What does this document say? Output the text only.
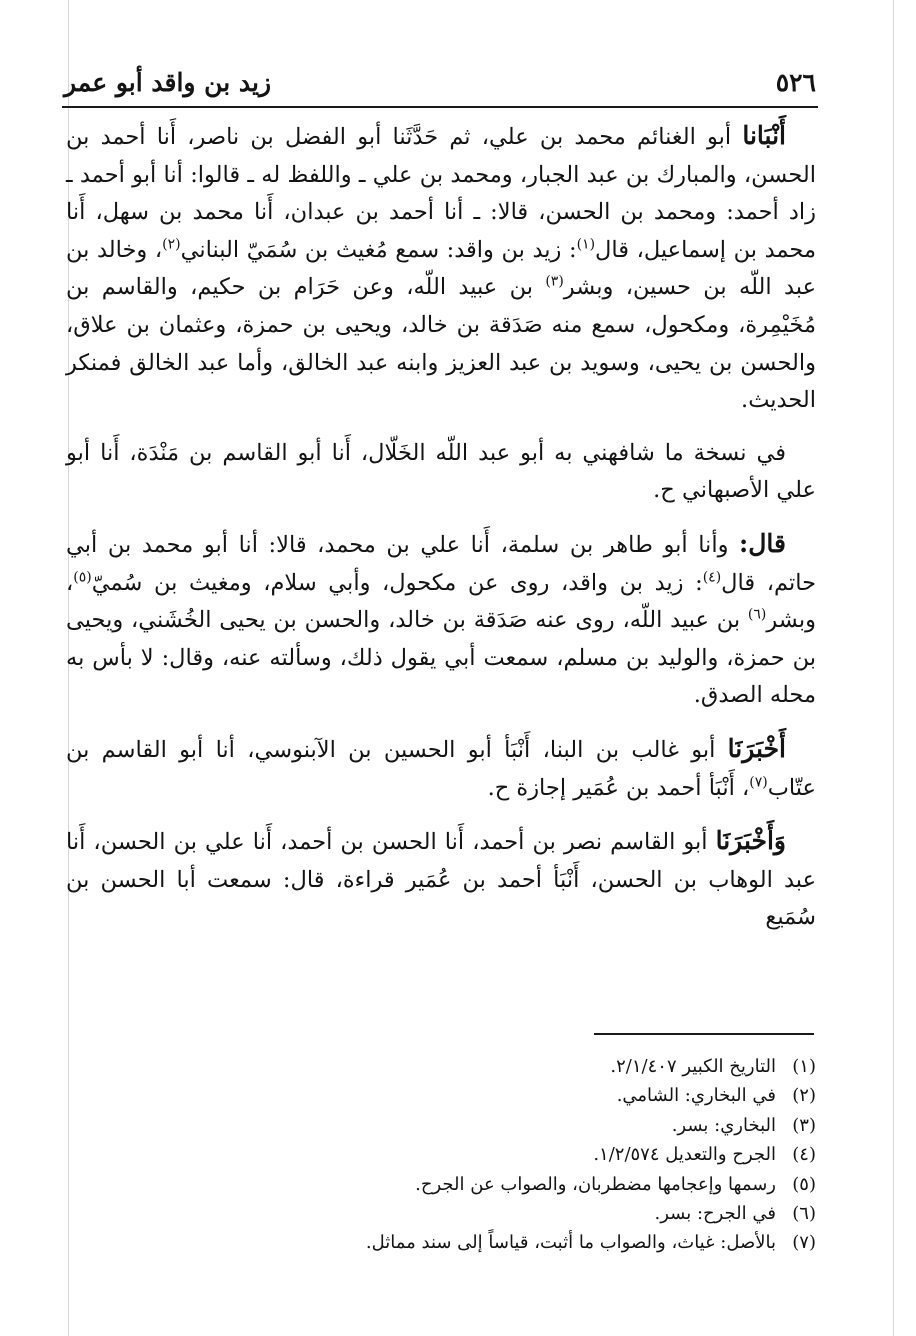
٥٢٦
زيد بن واقد أبو عمر

أَنْبَانا أبو الغنائم محمد بن علي، ثم حَدَّثَنا أبو الفضل بن ناصر، أَنا أحمد بن الحسن، والمبارك بن عبد الجبار، ومحمد بن علي ـ واللفظ له ـ قالوا: أنا أبو أحمد ـ زاد أحمد: ومحمد بن الحسن، قالا: ـ أنا أحمد بن عبدان، أَنا محمد بن سهل، أَنا محمد بن إسماعيل، قال$^{(١)}$: زيد بن واقد: سمع مُغيث بن سُمَيّ البناني$^{(٢)}$، وخالد بن عبد اللّه بن حسين، وبشر$^{(٣)}$ بن عبيد اللّه، وعن حَرَام بن حكيم، والقاسم بن مُخَيْمِرة، ومكحول، سمع منه صَدَقة بن خالد، ويحيى بن حمزة، وعثمان بن علاق، والحسن بن يحيى، وسويد بن عبد العزيز وابنه عبد الخالق، وأما عبد الخالق فمنكر الحديث.

في نسخة ما شافهني به أبو عبد اللّه الخَلّال، أَنا أبو القاسم بن مَنْدَة، أَنا أبو علي الأصبهاني ح.

قال: وأنا أبو طاهر بن سلمة، أَنا علي بن محمد، قالا: أنا أبو محمد بن أبي حاتم، قال$^{(٤)}$: زيد بن واقد، روى عن مكحول، وأبي سلام، ومغيث بن سُميّ$^{(٥)}$، وبشر$^{(٦)}$ بن عبيد اللّه، روى عنه صَدَقة بن خالد، والحسن بن يحيى الخُشَني، ويحيى بن حمزة، والوليد بن مسلم، سمعت أبي يقول ذلك، وسألته عنه، وقال: لا بأس به محله الصدق.

أَخْبَرَنَا أبو غالب بن البنا، أَنْبَأ أبو الحسين بن الآبنوسي، أنا أبو القاسم بن عتّاب$^{(٧)}$، أَنْبَأ أحمد بن عُمَير إجازة ح.

وَأَخْبَرَنَا أبو القاسم نصر بن أحمد، أَنا الحسن بن أحمد، أَنا علي بن الحسن، أَنا عبد الوهاب بن الحسن، أَنْبَأ أحمد بن عُمَير قراءة، قال: سمعت أبا الحسن بن سُمَيع

(١)التاريخ الكبير ٢/١/٤٠٧.
(٢)في البخاري: الشامي.
(٣)البخاري: بسر.
(٤)الجرح والتعديل ١/٢/٥٧٤.
(٥)رسمها وإعجامها مضطربان، والصواب عن الجرح.
(٦)في الجرح: بسر.
(٧)بالأصل: غياث، والصواب ما أثبت، قياساً إلى سند مماثل.
